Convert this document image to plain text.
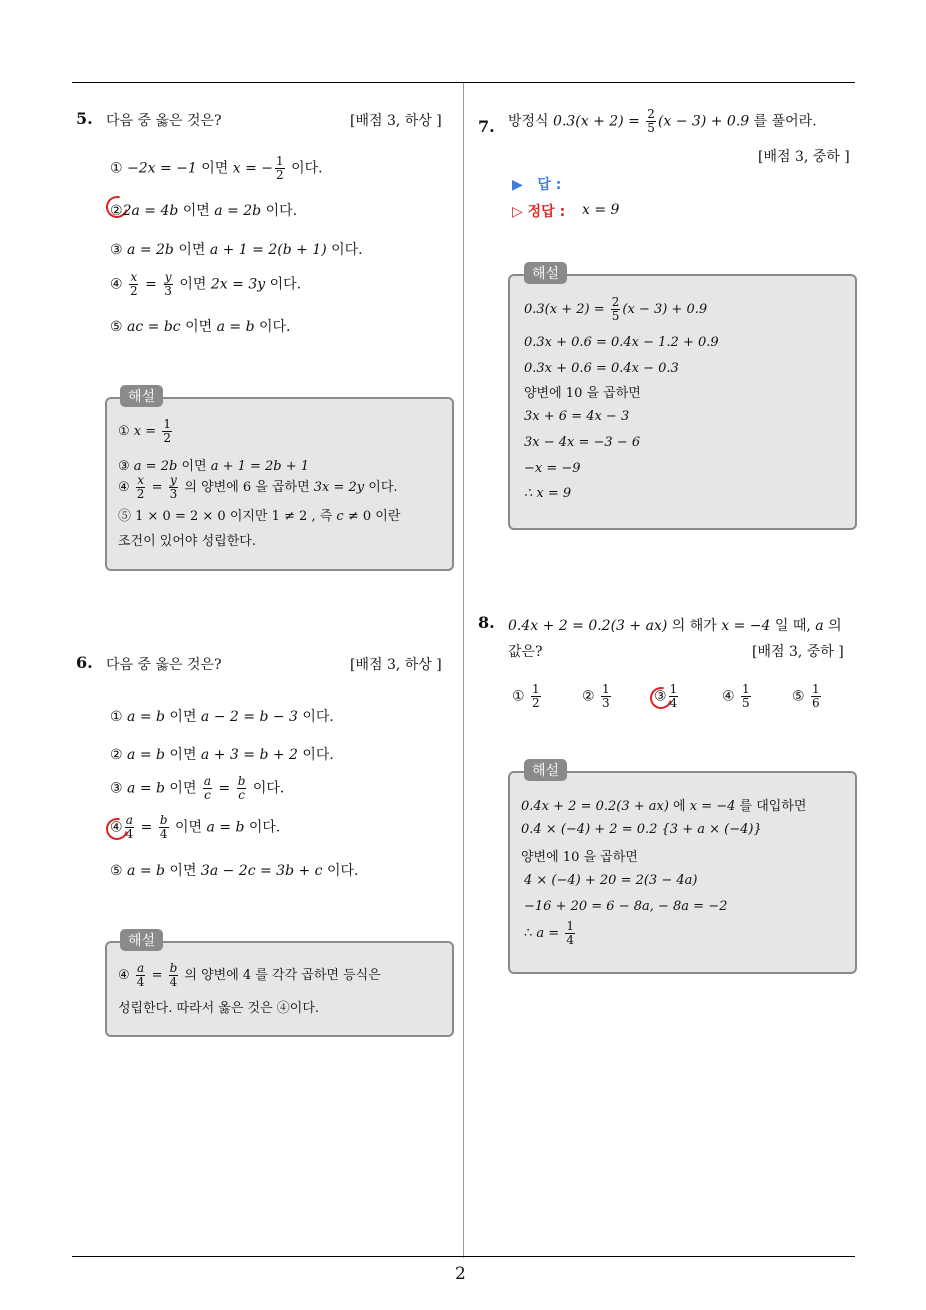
2
5. 다음 중 옳은 것은?	[배점 3, 하상 ]
① −2x = −1 이면 x = − $\frac{1}{2}$ 이다.
②2a = 4b 이면 a = 2b 이다.
③ a = 2b 이면 a + 1 = 2(b + 1) 이다.
④ $\frac{x}{2} = \frac{y}{3}$ 이면 2x = 3y 이다.
⑤ ac = bc 이면 a = b 이다.
해설
① $x = \frac{1}{2}$
③ a = 2b 이면 a + 1 = 2b + 1
④ $\frac{x}{2} = \frac{y}{3}$ 의 양변에 6 을 곱하면 3x = 2y 이다.
⑤ 1 × 0 = 2 × 0 이지만 1 ≠ 2 , 즉 c ≠ 0 이란
조건이 있어야 성립한다.
6. 다음 중 옳은 것은?	[배점 3, 하상 ]
① a = b 이면 a − 2 = b − 3 이다.
② a = b 이면 a + 3 = b + 2 이다.
③ a = b 이면 $\frac{a}{c} = \frac{b}{c}$ 이다.
④ $\frac{a}{4} = \frac{b}{4}$ 이면 a = b 이다.
⑤ a = b 이면 3a − 2c = 3b + c 이다.
해설
④ $\frac{a}{4} = \frac{b}{4}$ 의 양변에 4 를 각각 곱하면 등식은
성립한다. 따라서 옳은 것은 ④이다.
7. 방정식 $0.3(x + 2) = \frac{2}{5} (x - 3) + 0.9$ 를 풀어라.
[배점 3, 중하 ]
▶   답 :
▷ 정답 : x = 9
해설
$0.3(x + 2) = \frac{2}{5} (x - 3) + 0.9$
0.3x + 0.6 = 0.4x − 1.2 + 0.9
0.3x + 0.6 = 0.4x − 0.3
양변에 10 을 곱하면
3x + 6 = 4x − 3
3x − 4x = −3 − 6
−x = −9
∴ x = 9
8. 0.4x + 2 = 0.2(3 + ax) 의 해가 x = −4 일 때, a 의
값은?	[배점 3, 중하 ]
① $\frac{1}{2}$	② $\frac{1}{3}$	③ $\frac{1}{4}$	④ $\frac{1}{5}$	⑤ $\frac{1}{6}$
해설
0.4x + 2 = 0.2(3 + ax) 에 x = −4 를 대입하면
0.4 × (−4) + 2 = 0.2 {3 + a × (−4)}
양변에 10 을 곱하면
4 × (−4) + 20 = 2(3 − 4a)
−16 + 20 = 6 − 8a, − 8a = −2
∴ $a = \frac{1}{4}$
